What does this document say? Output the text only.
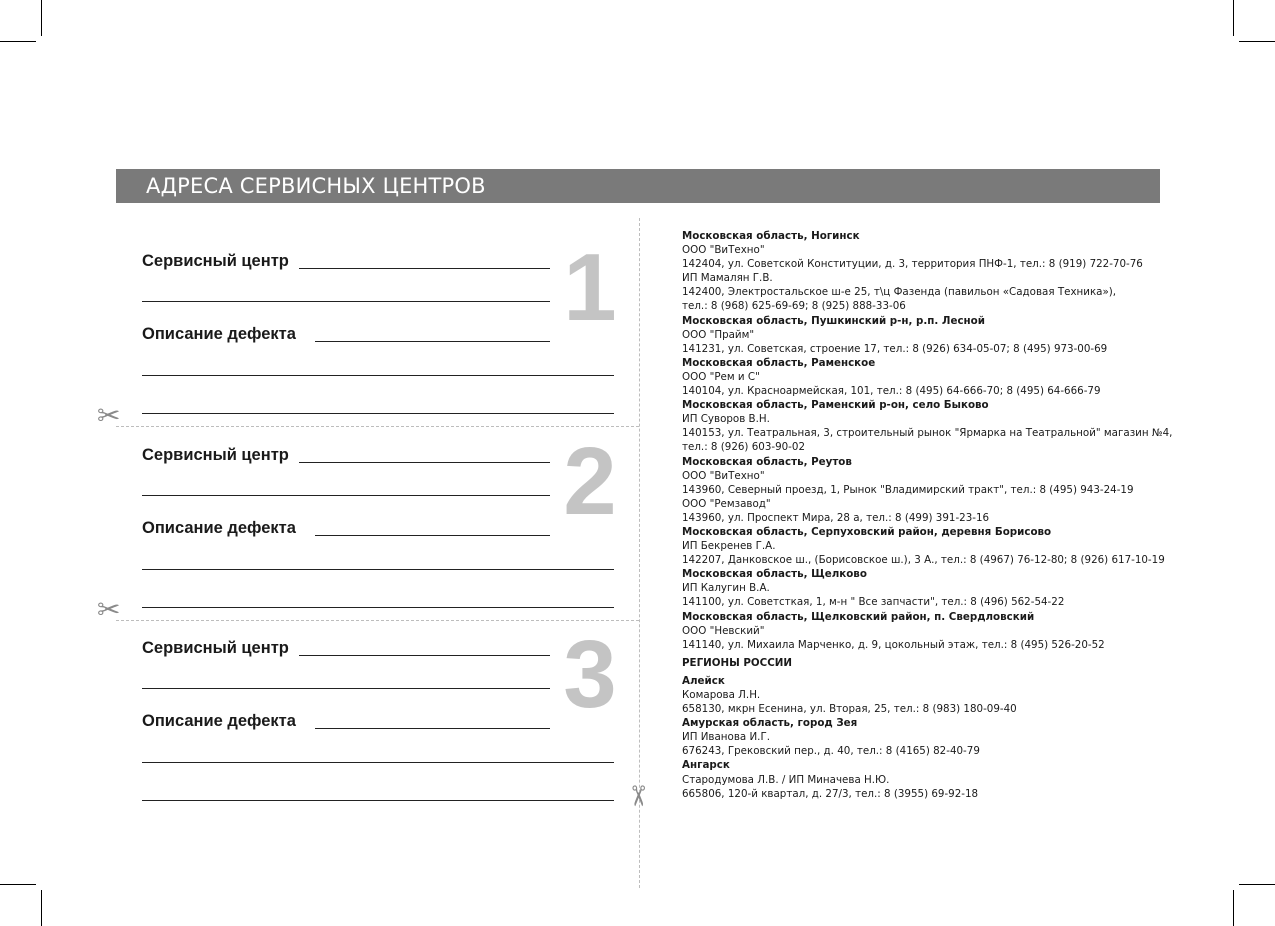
АДРЕСА СЕРВИСНЫХ ЦЕНТРОВ
✂
✂
✂
1
Сервисный центр
Описание дефекта
2
Сервисный центр
Описание дефекта
3
Сервисный центр
Описание дефекта
Московская область, Ногинск
ООО "ВиТехно"
142404, ул. Советской Конституции, д. 3, территория ПНФ-1, тел.: 8 (919) 722-70-76
ИП Мамалян Г.В.
142400, Электростальское ш-е 25, т\ц Фазенда (павильон «Садовая Техника»),
тел.: 8 (968) 625-69-69; 8 (925) 888-33-06
Московская область, Пушкинский р-н, р.п. Лесной
ООО "Прайм"
141231, ул. Советская, строение 17, тел.: 8 (926) 634-05-07; 8 (495) 973-00-69
Московская область, Раменское
ООО "Рем и С"
140104, ул. Красноармейская, 101, тел.: 8 (495) 64-666-70; 8 (495) 64-666-79
Московская область, Раменский р-он, село Быково
ИП Суворов В.Н.
140153, ул. Театральная, 3, строительный рынок "Ярмарка на Театральной" магазин №4,
тел.: 8 (926) 603-90-02
Московская область, Реутов
ООО "ВиТехно"
143960, Северный проезд, 1, Рынок "Владимирский тракт", тел.: 8 (495) 943-24-19
ООО "Ремзавод"
143960, ул. Проспект Мира, 28 а, тел.: 8 (499) 391-23-16
Московская область, Серпуховский район, деревня Борисово
ИП Бекренев Г.А.
142207, Данковское ш., (Борисовское ш.), 3 А., тел.: 8 (4967) 76-12-80; 8 (926) 617-10-19
Московская область, Щелково
ИП Калугин В.А.
141100, ул. Советсткая, 1, м-н " Все запчасти", тел.: 8 (496) 562-54-22
Московская область, Щелковский район, п. Свердловский
ООО "Невский"
141140, ул. Михаила Марченко, д. 9, цокольный этаж, тел.: 8 (495) 526-20-52
РЕГИОНЫ РОССИИ
Алейск
Комарова Л.Н.
658130, мкрн Есенина, ул. Вторая, 25, тел.: 8 (983) 180-09-40
Амурская область, город Зея
ИП Иванова И.Г.
676243, Грековский пер., д. 40, тел.: 8 (4165) 82-40-79
Ангарск
Стародумова Л.В. / ИП Миначева Н.Ю.
665806, 120-й квартал, д. 27/3, тел.: 8 (3955) 69-92-18
